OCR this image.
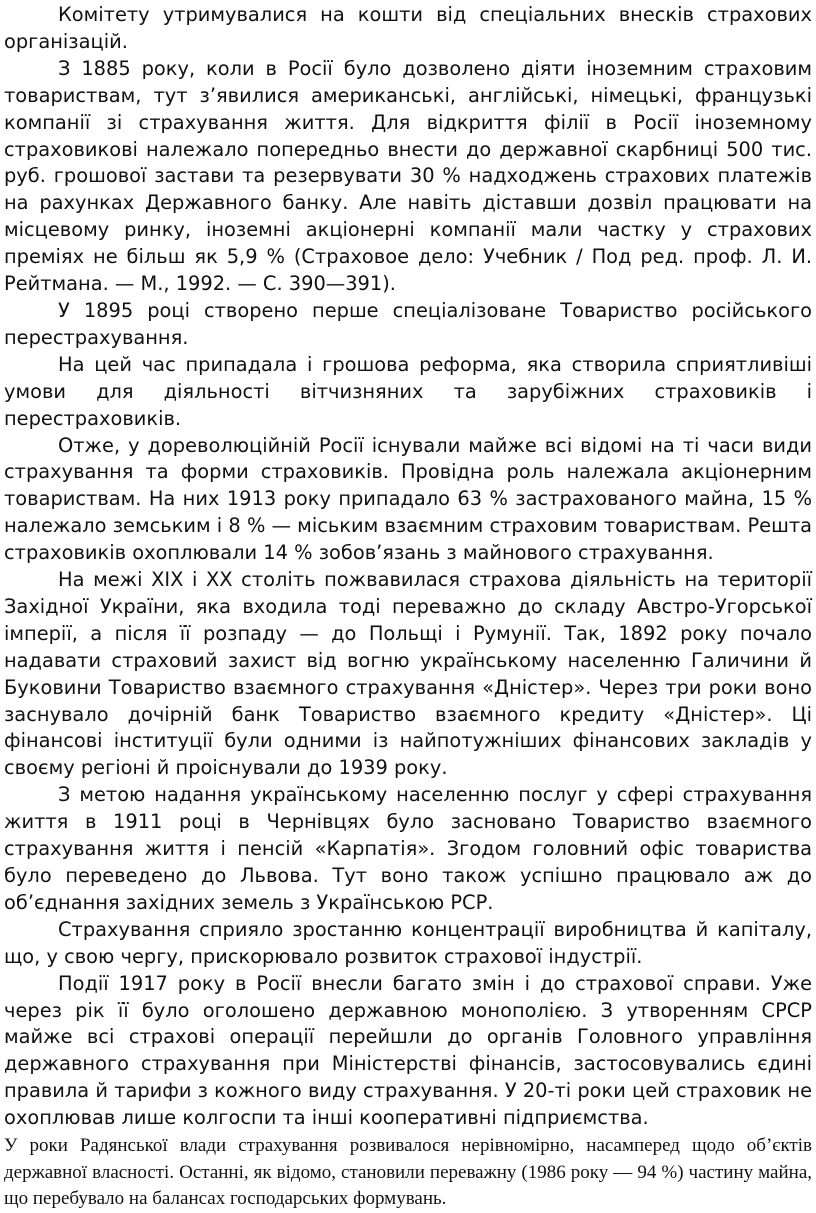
Комітету утримувалися на кошти від спеціальних внесків страхових організацій.

З 1885 року, коли в Росії було дозволено діяти іноземним страховим товариствам, тут з’явилися американські, англійські, німецькі, французькі компанії зі страхування життя. Для відкриття філії в Росії іноземному страховикові належало попередньо внести до державної скарбниці 500 тис. руб. грошової застави та резервувати 30 % надходжень страхових платежів на рахунках Державного банку. Але навіть діставши дозвіл працювати на місцевому ринку, іноземні акціонерні компанії мали частку у страхових преміях не більш як 5,9 % (Страховое дело: Учебник / Под ред. проф. Л. И. Рейтмана. — М., 1992. — С. 390—391).

У 1895 році створено перше спеціалізоване Товариство російського перестрахування.

На цей час припадала і грошова реформа, яка створила сприятливіші умови для діяльності вітчизняних та зарубіжних страховиків і перестраховиків.

Отже, у дореволюційній Росії існували майже всі відомі на ті часи види страхування та форми страховиків. Провідна роль належала акціонерним товариствам. На них 1913 року припадало 63 % застрахованого майна, 15 % належало земським і 8 % — міським взаємним страховим товариствам. Решта страховиків охоплювали 14 % зобов’язань з майнового страхування.

На межі XIX і XX століть пожвавилася страхова діяльність на території Західної України, яка входила тоді переважно до складу Австро-Угорської імперії, а після її розпаду — до Польщі і Румунії. Так, 1892 року почало надавати страховий захист від вогню українському населенню Галичини й Буковини Товариство взаємного страхування «Дністер». Через три роки воно заснувало дочірній банк Товариство взаємного кредиту «Дністер». Ці фінансові інституції були одними із найпотужніших фінансових закладів у своєму регіоні й проіснували до 1939 року.

З метою надання українському населенню послуг у сфері страхування життя в 1911 році в Чернівцях було засновано Товариство взаємного страхування життя і пенсій «Карпатія». Згодом головний офіс товариства було переведено до Львова. Тут воно також успішно працювало аж до об’єднання західних земель з Українською РСР.

Страхування сприяло зростанню концентрації виробництва й капіталу, що, у свою чергу, прискорювало розвиток страхової індустрії.

Події 1917 року в Росії внесли багато змін і до страхової справи. Уже через рік її було оголошено державною монополією. З утворенням СРСР майже всі страхові операції перейшли до органів Головного управління державного страхування при Міністерстві фінансів, застосовувались єдині правила й тарифи з кожного виду страхування. У 20-ті роки цей страховик не охоплював лише колгоспи та інші кооперативні підприємства.

У роки Радянської влади страхування розвивалося нерівномірно, насамперед щодо об’єктів державної власності. Останні, як відомо, становили переважну (1986 року — 94 %) частину майна, що перебувало на балансах господарських формувань.
